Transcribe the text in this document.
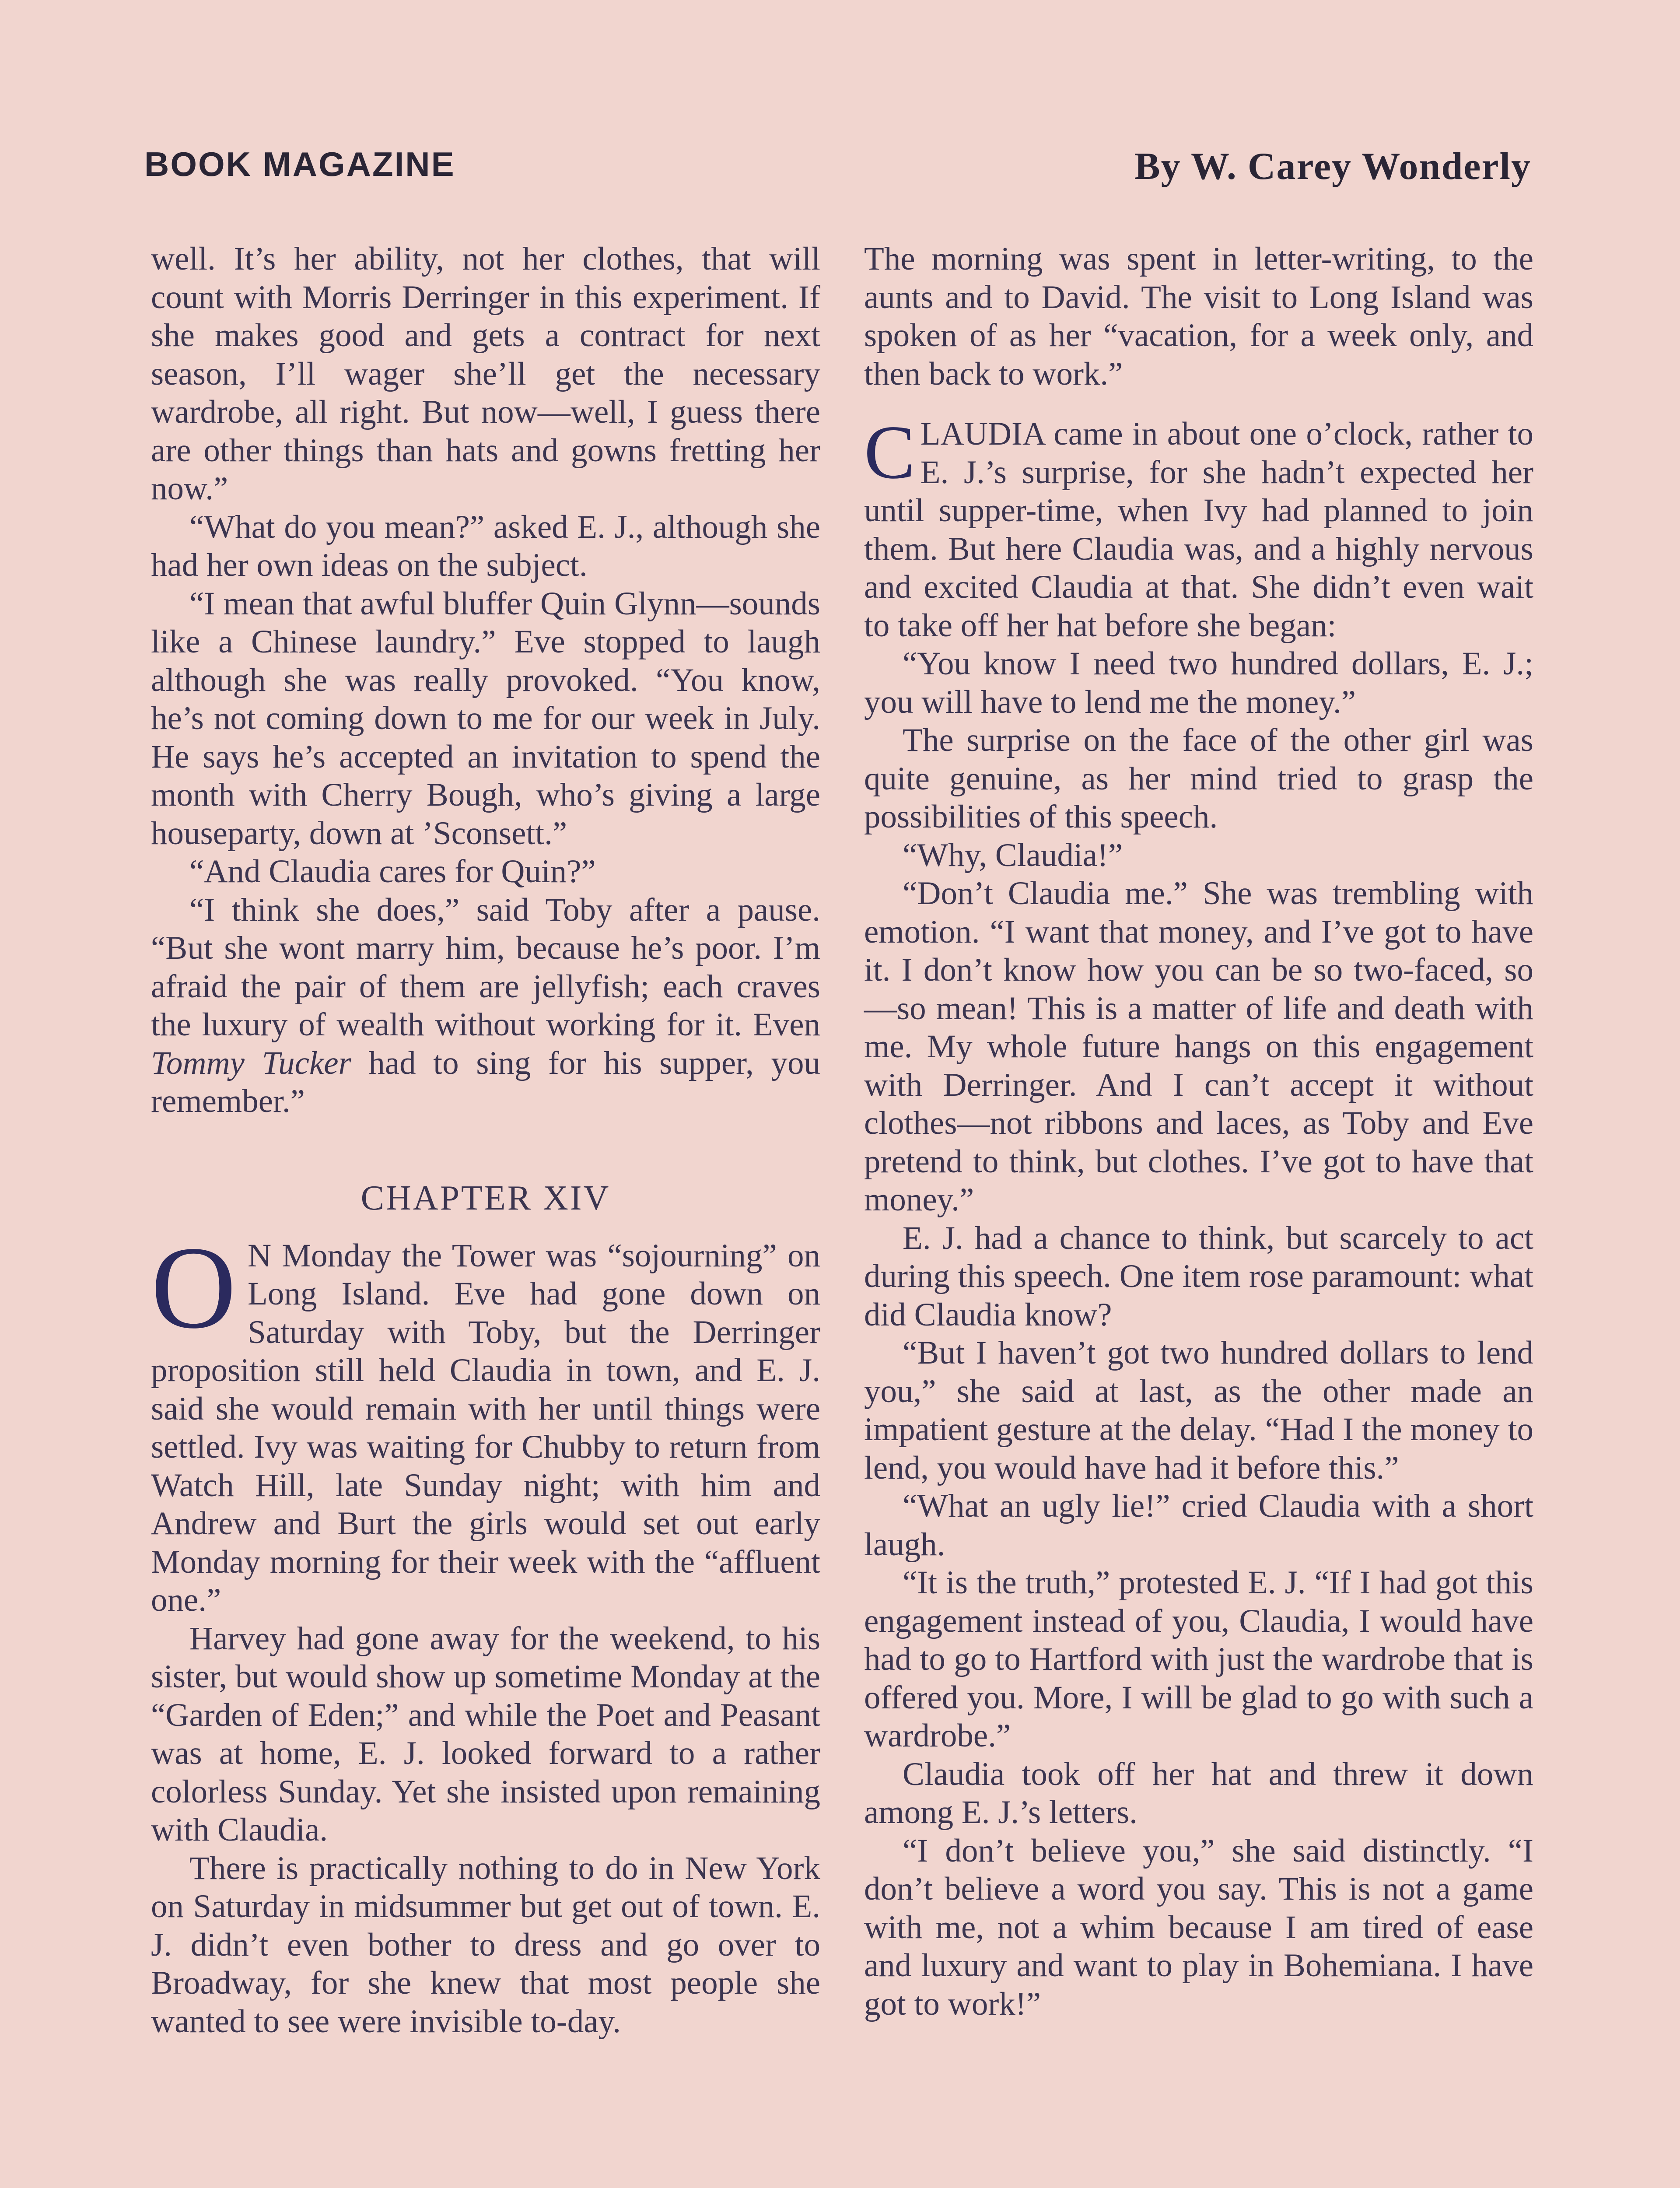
BOOK MAGAZINE	By W. Carey Wonderly

well. It’s her ability, not her clothes, that will count with Morris Derringer in this experiment. If she makes good and gets a contract for next season, I’ll wager she’ll get the necessary wardrobe, all right. But now—well, I guess there are other things than hats and gowns fretting her now.”

“What do you mean?” asked E. J., although she had her own ideas on the subject.

“I mean that awful bluffer Quin Glynn—sounds like a Chinese laundry.” Eve stopped to laugh although she was really provoked. “You know, he’s not coming down to me for our week in July. He says he’s accepted an invitation to spend the month with Cherry Bough, who’s giving a large houseparty, down at ’Sconsett.”

“And Claudia cares for Quin?”

“I think she does,” said Toby after a pause. “But she wont marry him, because he’s poor. I’m afraid the pair of them are jellyfish; each craves the luxury of wealth without working for it. Even Tommy Tucker had to sing for his supper, you remember.”

CHAPTER XIV

O N Monday the Tower was “sojourning” on Long Island. Eve had gone down on Saturday with Toby, but the Derringer proposition still held Claudia in town, and E. J. said she would remain with her until things were settled. Ivy was waiting for Chubby to return from Watch Hill, late Sunday night; with him and Andrew and Burt the girls would set out early Monday morning for their week with the “affluent one.”

Harvey had gone away for the weekend, to his sister, but would show up sometime Monday at the “Garden of Eden;” and while the Poet and Peasant was at home, E. J. looked forward to a rather colorless Sunday. Yet she insisted upon remaining with Claudia.

There is practically nothing to do in New York on Saturday in midsummer but get out of town. E. J. didn’t even bother to dress and go over to Broadway, for she knew that most people she wanted to see were invisible to-day.

The morning was spent in letter-writing, to the aunts and to David. The visit to Long Island was spoken of as her “vacation, for a week only, and then back to work.”

CLAUDIA came in about one o’clock, rather to E. J.’s surprise, for she hadn’t expected her until supper-time, when Ivy had planned to join them. But here Claudia was, and a highly nervous and excited Claudia at that. She didn’t even wait to take off her hat before she began:

“You know I need two hundred dollars, E. J.; you will have to lend me the money.”

The surprise on the face of the other girl was quite genuine, as her mind tried to grasp the possibilities of this speech.

“Why, Claudia!”

“Don’t Claudia me.” She was trembling with emotion. “I want that money, and I’ve got to have it. I don’t know how you can be so two-faced, so—so mean! This is a matter of life and death with me. My whole future hangs on this engagement with Derringer. And I can’t accept it without clothes—not ribbons and laces, as Toby and Eve pretend to think, but clothes. I’ve got to have that money.”

E. J. had a chance to think, but scarcely to act during this speech. One item rose paramount: what did Claudia know?

“But I haven’t got two hundred dollars to lend you,” she said at last, as the other made an impatient gesture at the delay. “Had I the money to lend, you would have had it before this.”

“What an ugly lie!” cried Claudia with a short laugh.

“It is the truth,” protested E. J. “If I had got this engagement instead of you, Claudia, I would have had to go to Hartford with just the wardrobe that is offered you. More, I will be glad to go with such a wardrobe.”

Claudia took off her hat and threw it down among E. J.’s letters.

“I don’t believe you,” she said distinctly. “I don’t believe a word you say. This is not a game with me, not a whim because I am tired of ease and luxury and want to play in Bohemiana. I have got to work!”
